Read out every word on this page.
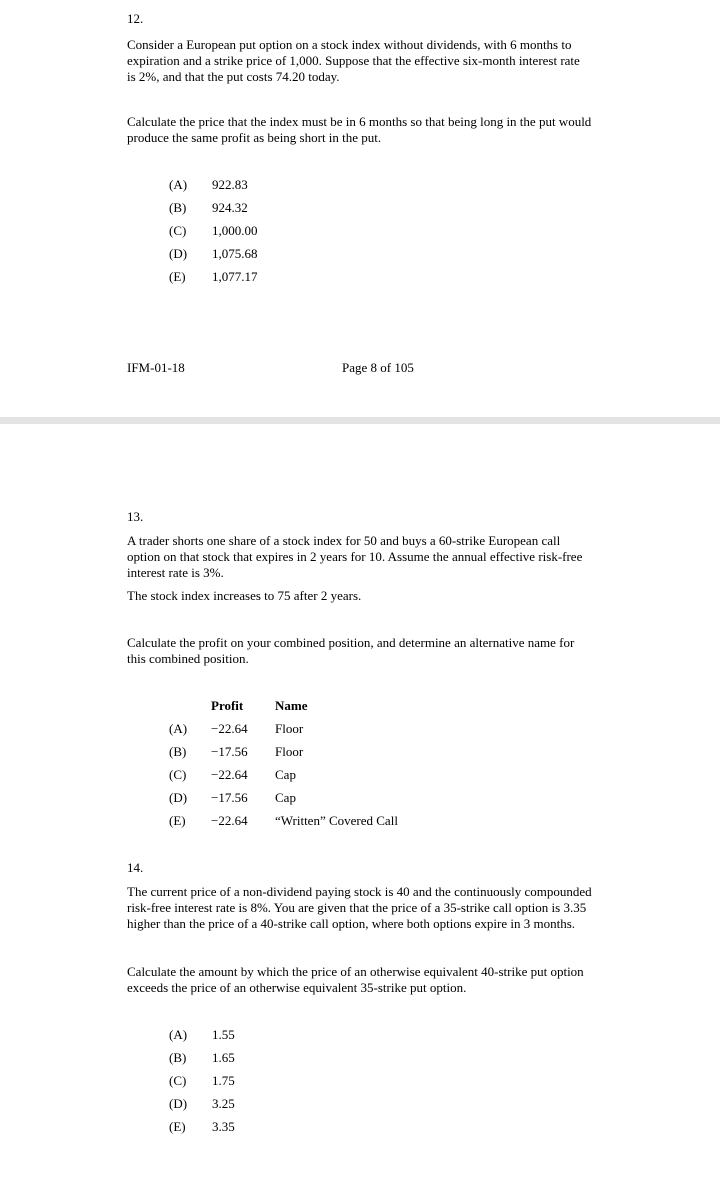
12.

Consider a European put option on a stock index without dividends, with 6 months to

expiration and a strike price of 1,000. Suppose that the effective six-month interest rate

is 2%, and that the put costs 74.20 today.

Calculate the price that the index must be in 6 months so that being long in the put would

produce the same profit as being short in the put.

(A) 922.83
(B) 924.32
(C) 1,000.00
(D) 1,075.68
(E) 1,077.17
IFM-01-18	Page 8 of 105
13.

A trader shorts one share of a stock index for 50 and buys a 60-strike European call

option on that stock that expires in 2 years for 10. Assume the annual effective risk-free

interest rate is 3%.

The stock index increases to 75 after 2 years.

Calculate the profit on your combined position, and determine an alternative name for

this combined position.

Profit	Name
(A)	−22.64	Floor
(B)	−17.56	Floor
(C)	−22.64	Cap
(D)	−17.56	Cap
(E)	−22.64	“Written” Covered Call
14.

The current price of a non-dividend paying stock is 40 and the continuously compounded

risk-free interest rate is 8%. You are given that the price of a 35-strike call option is 3.35

higher than the price of a 40-strike call option, where both options expire in 3 months.

Calculate the amount by which the price of an otherwise equivalent 40-strike put option

exceeds the price of an otherwise equivalent 35-strike put option.

(A) 1.55
(B) 1.65
(C) 1.75
(D) 3.25
(E) 3.35
